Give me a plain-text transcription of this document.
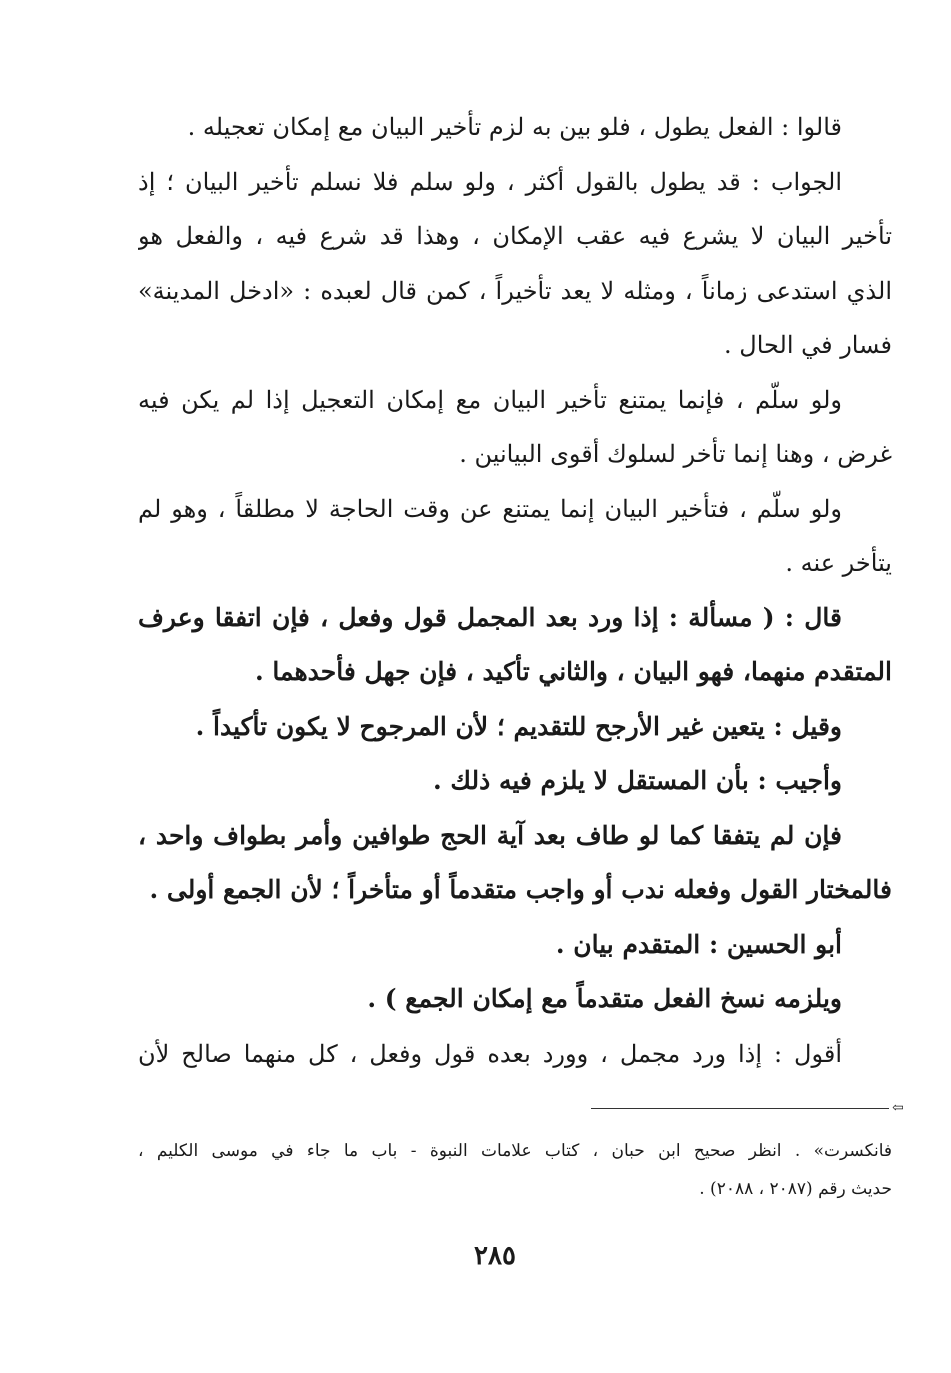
قالوا : الفعل يطول ، فلو بين به لزم تأخير البيان مع إمكان تعجيله .
الجواب : قد يطول بالقول أكثر ، ولو سلم فلا نسلم تأخير البيان ؛ إذ
تأخير البيان لا يشرع فيه عقب الإمكان ، وهذا قد شرع فيه ، والفعل هو
الذي استدعى زماناً ، ومثله لا يعد تأخيراً ، كمن قال لعبده : «ادخل المدينة»
فسار في الحال .
ولو سلّم ، فإنما يمتنع تأخير البيان مع إمكان التعجيل إذا لم يكن فيه
غرض ، وهنا إنما تأخر لسلوك أقوى البيانين .
ولو سلّم ، فتأخير البيان إنما يمتنع عن وقت الحاجة لا مطلقاً ، وهو لم
يتأخر عنه .
قال : ( مسألة : إذا ورد بعد المجمل قول وفعل ، فإن اتفقا وعرف
المتقدم منهما، فهو البيان ، والثاني تأكيد ، فإن جهل فأحدهما .
وقيل : يتعين غير الأرجح للتقديم ؛ لأن المرجوح لا يكون تأكيداً .
وأجيب : بأن المستقل لا يلزم فيه ذلك .
فإن لم يتفقا كما لو طاف بعد آية الحج طوافين وأمر بطواف واحد ،
فالمختار القول وفعله ندب أو واجب متقدماً أو متأخراً ؛ لأن الجمع أولى .
أبو الحسين : المتقدم بيان .
ويلزمه نسخ الفعل متقدماً مع إمكان الجمع ) .
أقول : إذا ورد مجمل ، وورد بعده قول وفعل ، كل منهما صالح لأن
⇦
فانكسرت» . انظر صحيح ابن حبان ، كتاب علامات النبوة - باب ما جاء في موسى الكليم ،
حديث رقم (٢٠٨٧ ، ٢٠٨٨) .
٢٨٥
